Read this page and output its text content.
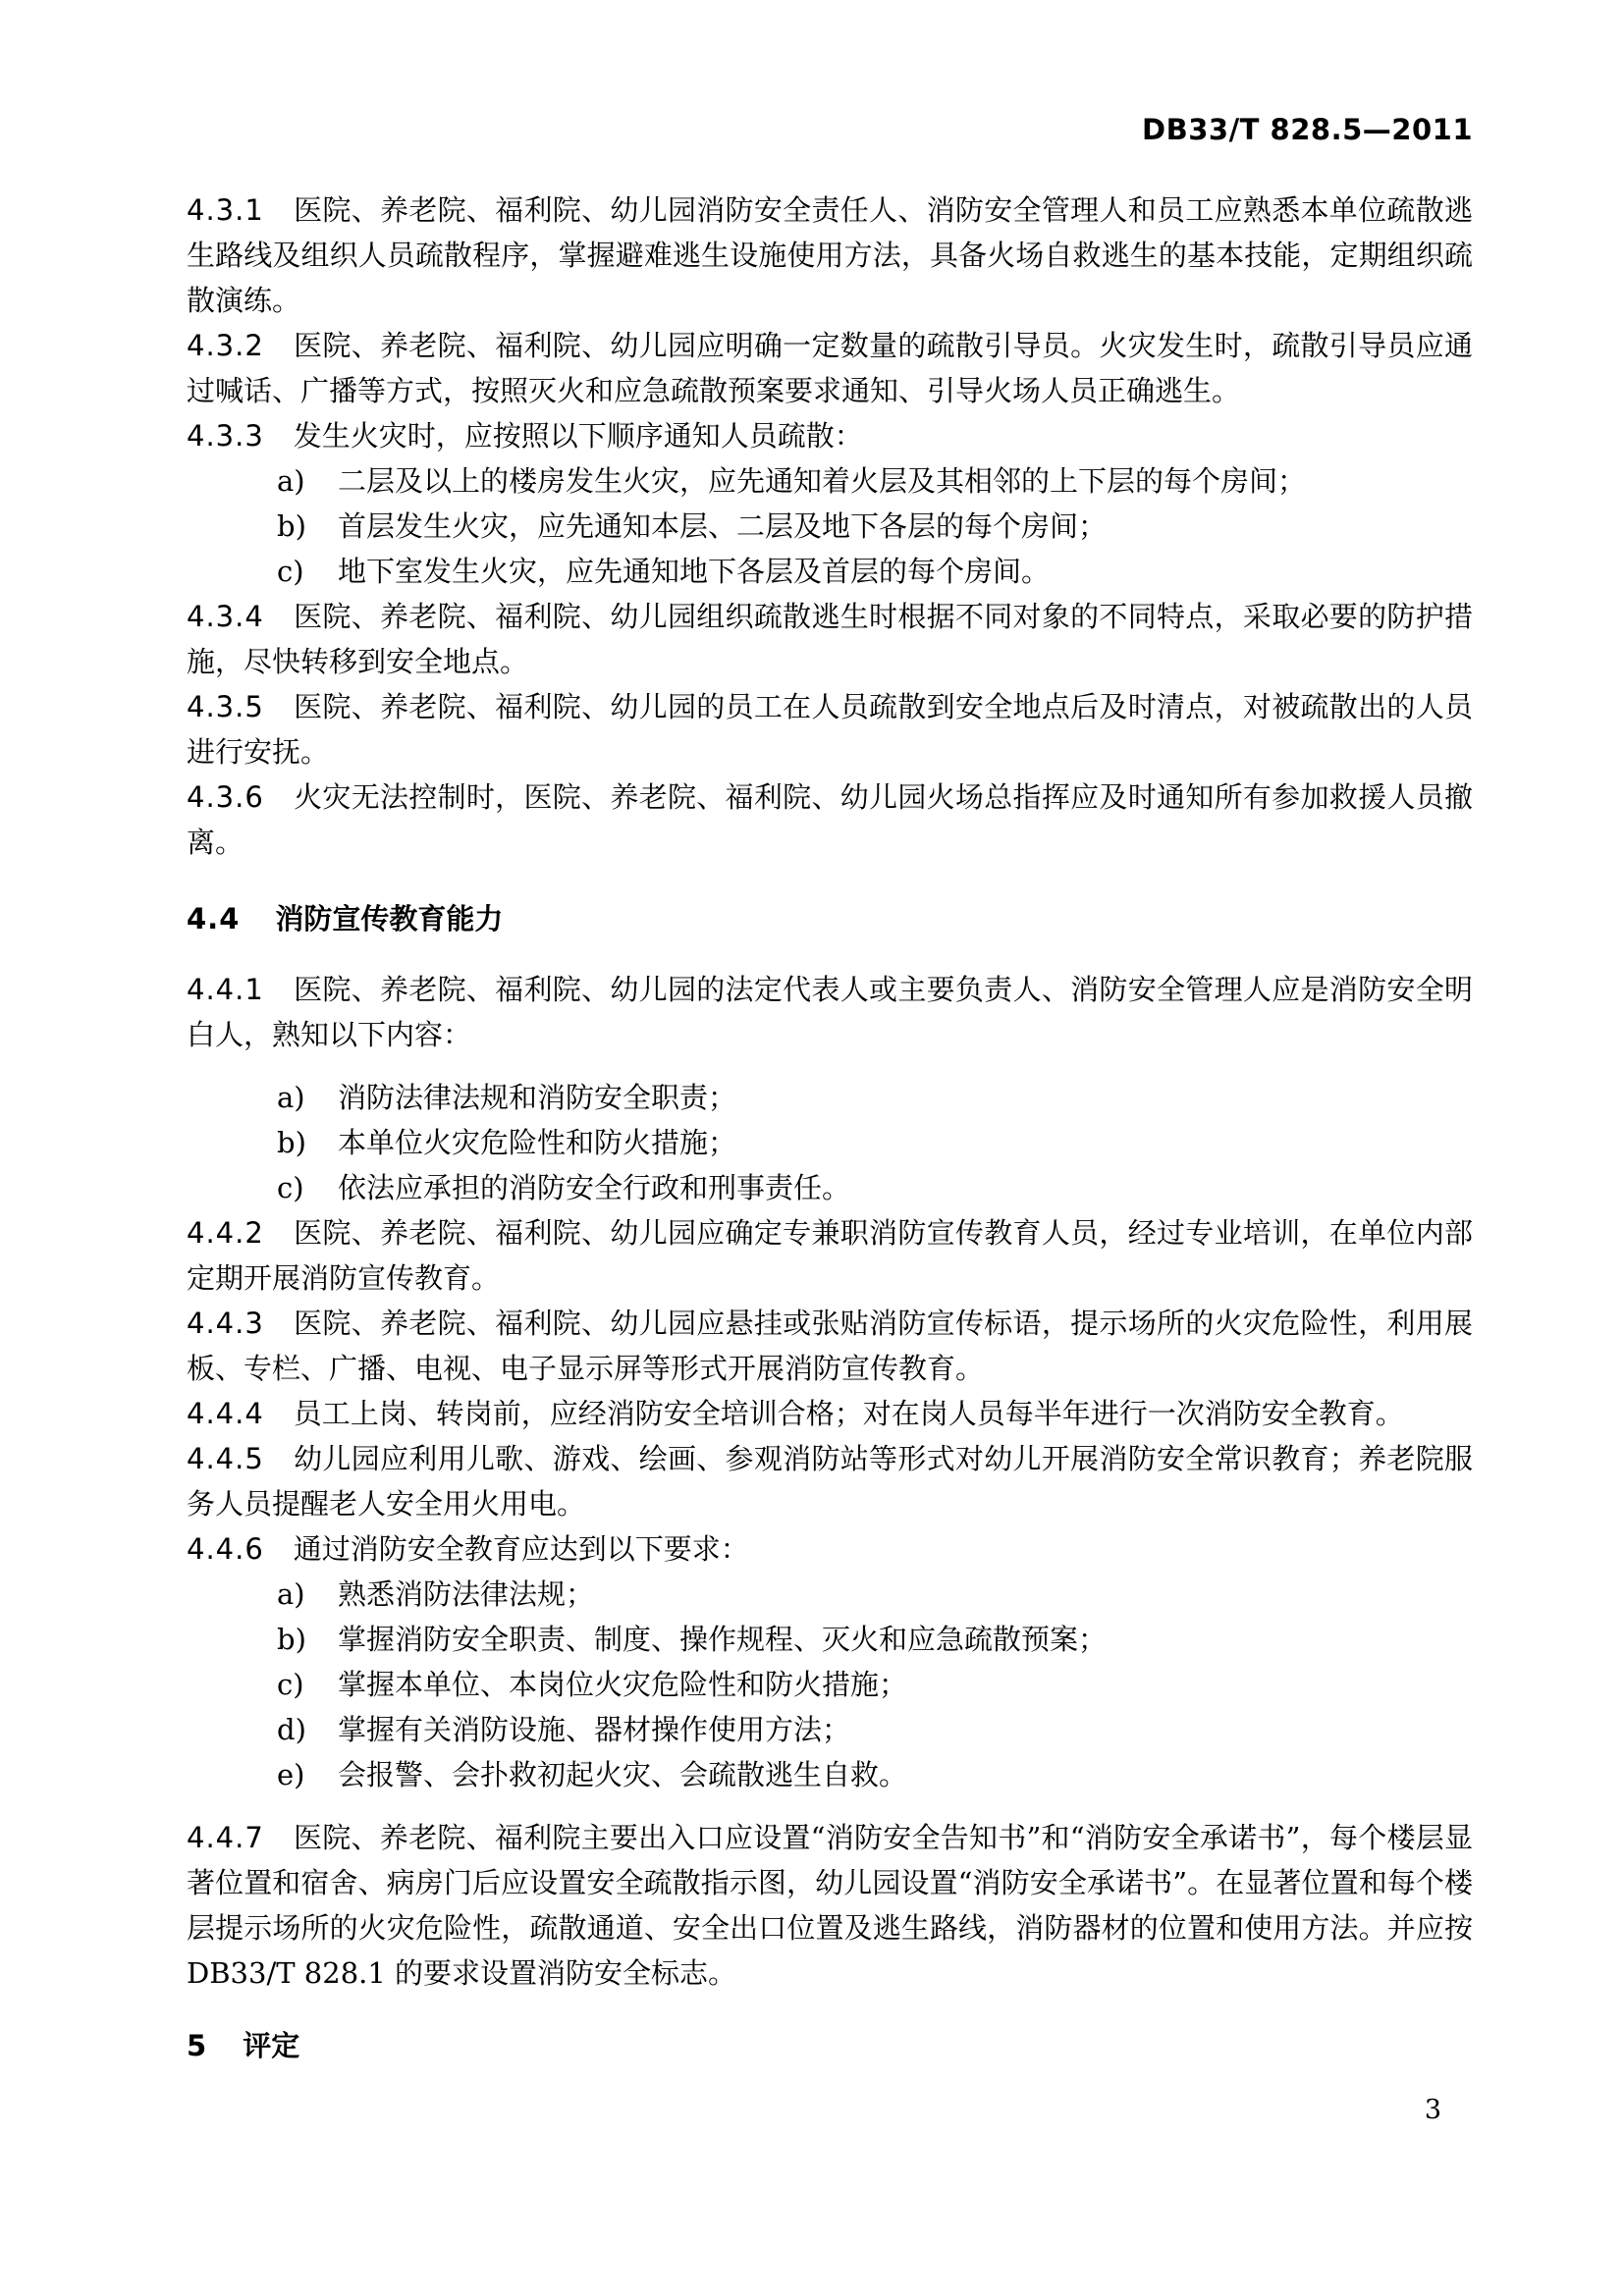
DB33/T 828.5—2011

4.3.1 医院、养老院、福利院、幼儿园消防安全责任人、消防安全管理人和员工应熟悉本单位疏散逃生路线及组织人员疏散程序，掌握避难逃生设施使用方法，具备火场自救逃生的基本技能，定期组织疏散演练。

4.3.2 医院、养老院、福利院、幼儿园应明确一定数量的疏散引导员。火灾发生时，疏散引导员应通过喊话、广播等方式，按照灭火和应急疏散预案要求通知、引导火场人员正确逃生。

4.3.3 发生火灾时，应按照以下顺序通知人员疏散：

a) 二层及以上的楼房发生火灾，应先通知着火层及其相邻的上下层的每个房间；
b) 首层发生火灾，应先通知本层、二层及地下各层的每个房间；
c) 地下室发生火灾，应先通知地下各层及首层的每个房间。

4.3.4 医院、养老院、福利院、幼儿园组织疏散逃生时根据不同对象的不同特点，采取必要的防护措施，尽快转移到安全地点。

4.3.5 医院、养老院、福利院、幼儿园的员工在人员疏散到安全地点后及时清点，对被疏散出的人员进行安抚。

4.3.6 火灾无法控制时，医院、养老院、福利院、幼儿园火场总指挥应及时通知所有参加救援人员撤离。

4.4 消防宣传教育能力

4.4.1 医院、养老院、福利院、幼儿园的法定代表人或主要负责人、消防安全管理人应是消防安全明白人，熟知以下内容：

a) 消防法律法规和消防安全职责；
b) 本单位火灾危险性和防火措施；
c) 依法应承担的消防安全行政和刑事责任。

4.4.2 医院、养老院、福利院、幼儿园应确定专兼职消防宣传教育人员，经过专业培训，在单位内部定期开展消防宣传教育。

4.4.3 医院、养老院、福利院、幼儿园应悬挂或张贴消防宣传标语，提示场所的火灾危险性，利用展板、专栏、广播、电视、电子显示屏等形式开展消防宣传教育。

4.4.4 员工上岗、转岗前，应经消防安全培训合格；对在岗人员每半年进行一次消防安全教育。

4.4.5 幼儿园应利用儿歌、游戏、绘画、参观消防站等形式对幼儿开展消防安全常识教育；养老院服务人员提醒老人安全用火用电。

4.4.6 通过消防安全教育应达到以下要求：

a) 熟悉消防法律法规；
b) 掌握消防安全职责、制度、操作规程、灭火和应急疏散预案；
c) 掌握本单位、本岗位火灾危险性和防火措施；
d) 掌握有关消防设施、器材操作使用方法；
e) 会报警、会扑救初起火灾、会疏散逃生自救。

4.4.7 医院、养老院、福利院主要出入口应设置“消防安全告知书”和“消防安全承诺书”，每个楼层显著位置和宿舍、病房门后应设置安全疏散指示图，幼儿园设置“消防安全承诺书”。在显著位置和每个楼层提示场所的火灾危险性，疏散通道、安全出口位置及逃生路线，消防器材的位置和使用方法。并应按 DB33/T 828.1 的要求设置消防安全标志。

5 评定
3
